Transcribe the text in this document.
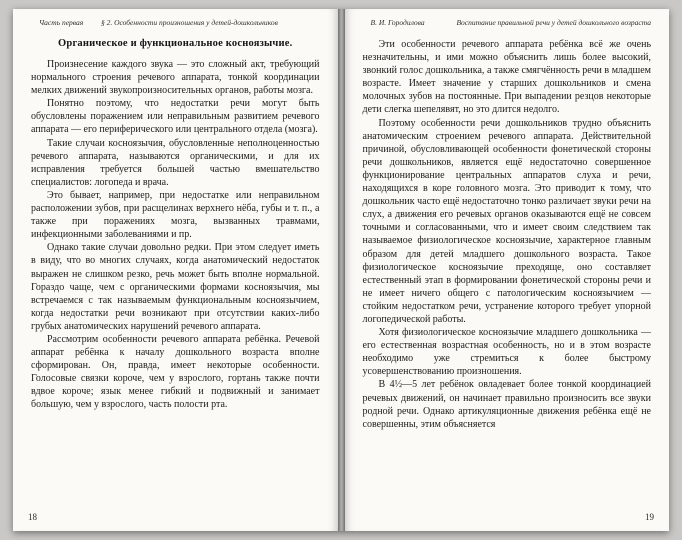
Часть первая § 2. Особенности произношения у детей-дошкольников
Органическое и функциональное косноязычие.

Произнесение каждого звука — это сложный акт, требующий нормального строения речевого аппарата, тонкой координации мелких движений звукопроизносительных органов, работы мозга.

Понятно поэтому, что недостатки речи могут быть обусловлены поражением или неправильным развитием речевого аппарата — его периферического или центрального отдела (мозга).

Такие случаи косноязычия, обусловленные неполноценностью речевого аппарата, называются органическими, и для их исправления требуется большей частью вмешательство специалистов: логопеда и врача.

Это бывает, например, при недостатке или неправильном расположении зубов, при расщелинах верхнего нёба, губы и т. п., а также при поражениях мозга, вызванных травмами, инфекционными заболеваниями и пр.

Однако такие случаи довольно редки. При этом следует иметь в виду, что во многих случаях, когда анатомический недостаток выражен не слишком резко, речь может быть вполне нормальной. Гораздо чаще, чем с органическими формами косноязычия, мы встречаемся с так называемым функциональным косноязычием, когда недостатки речи возникают при отсутствии каких-либо грубых анатомических нарушений речевого аппарата.

Рассмотрим особенности речевого аппарата ребёнка. Речевой аппарат ребёнка к началу дошкольного возраста вполне сформирован. Он, правда, имеет некоторые особенности. Голосовые связки короче, чем у взрослого, гортань также почти вдвое короче; язык менее гибкий и подвижный и занимает большую, чем у взрослого, часть полости рта.

18
В. И. Городилова	Воспитание правильной речи у детей дошкольного возраста

Эти особенности речевого аппарата ребёнка всё же очень незначительны, и ими можно объяснить лишь более высокий, звонкий голос дошкольника, а также смягчённость речи в младшем возрасте. Имеет значение у старших дошкольников и смена молочных зубов на постоянные. При выпадении резцов некоторые дети слегка шепелявят, но это длится недолго.

Поэтому особенности речи дошкольников трудно объяснить анатомическим строением речевого аппарата. Действительной причиной, обусловливающей особенности фонетической стороны речи дошкольников, является ещё недостаточно совершенное функционирование центральных аппаратов слуха и речи, находящихся в коре головного мозга. Это приводит к тому, что дошкольник часто ещё недостаточно тонко различает звуки речи на слух, а движения его речевых органов оказываются ещё не совсем точными и согласованными, что и имеет своим следствием так называемое физиологическое косноязычие, характерное главным образом для детей младшего дошкольного возраста. Такое физиологическое косноязычие преходяще, оно составляет естественный этап в формировании фонетической стороны речи и не имеет ничего общего с патологическим косноязычием — стойким недостатком речи, устранение которого требует упорной логопедической работы.

Хотя физиологическое косноязычие младшего дошкольника — его естественная возрастная особенность, но и в этом возрасте необходимо уже стремиться к более быстрому усовершенствованию произношения.

В 4½—5 лет ребёнок овладевает более тонкой координацией речевых движений, он начинает правильно произносить все звуки родной речи. Однако артикуляционные движения ребёнка ещё не совершенны, этим объясняется

19
